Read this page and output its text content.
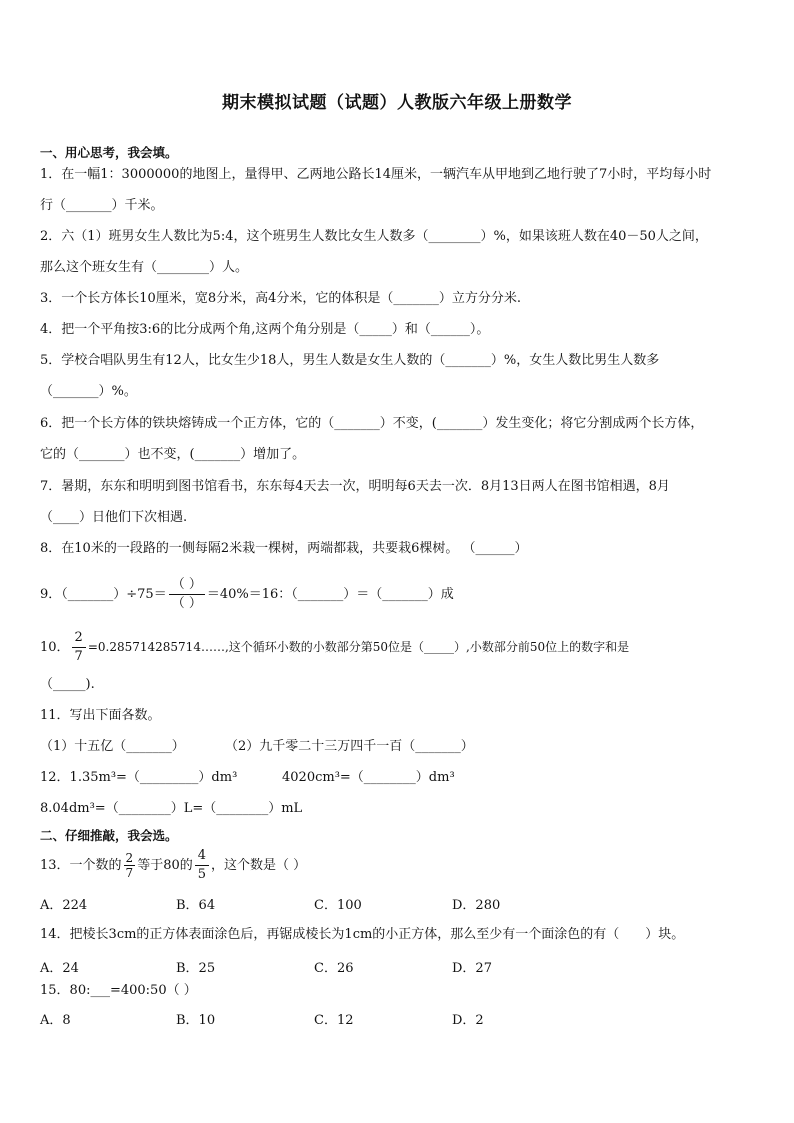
期末模拟试题（试题）人教版六年级上册数学
一、用心思考，我会填。
1．在一幅1：3000000的地图上，量得甲、乙两地公路长14厘米，一辆汽车从甲地到乙地行驶了7小时，平均每小时
行（_______）千米。
2．六（1）班男女生人数比为5:4，这个班男生人数比女生人数多（________）%，如果该班人数在40－50人之间，
那么这个班女生有（________）人。
3．一个长方体长10厘米，宽8分米，高4分米，它的体积是（_______）立方分分米.
4．把一个平角按3:6的比分成两个角,这两个角分别是（_____）和（______）。
5．学校合唱队男生有12人，比女生少18人，男生人数是女生人数的（_______）%，女生人数比男生人数多
（_______）%。
6．把一个长方体的铁块熔铸成一个正方体，它的（_______）不变，(_______）发生变化；将它分割成两个长方体，
它的（_______）也不变，(_______）增加了。
7．暑期，东东和明明到图书馆看书，东东每4天去一次，明明每6天去一次．8月13日两人在图书馆相遇，8月
（____）日他们下次相遇.
8．在10米的一段路的一侧每隔2米栽一棵树，两端都栽，共要栽6棵树。 （______）
9．（_______）÷75＝ $\frac{( )}{( )} =40\%=16$：（_______）＝（_______）成
10． $\frac{2}{7}$ =0.285714285714……,这个循环小数的小数部分第50位是（_____）,小数部分前50位上的数字和是
（_____).
11．写出下面各数。
（1）十五亿（_______）	（2）九千零二十三万四千一百（_______）
12．1.35m³=（_________）dm³	4020cm³=（________）dm³
8.04dm³=（________）L=（________）mL
二、仔细推敲，我会选。
13．一个数的 $\frac{2}{7}$ 等于80的 $\frac{4}{5}$ ，这个数是（ ）
A．224	B．64	C．100	D．280
14．把棱长3cm的正方体表面涂色后，再锯成棱长为1cm的小正方体，那么至少有一个面涂色的有（　　）块。
A．24	B．25	C．26	D．27
15．80:___=400:50（ ）
A．8	B．10	C．12	D．2
